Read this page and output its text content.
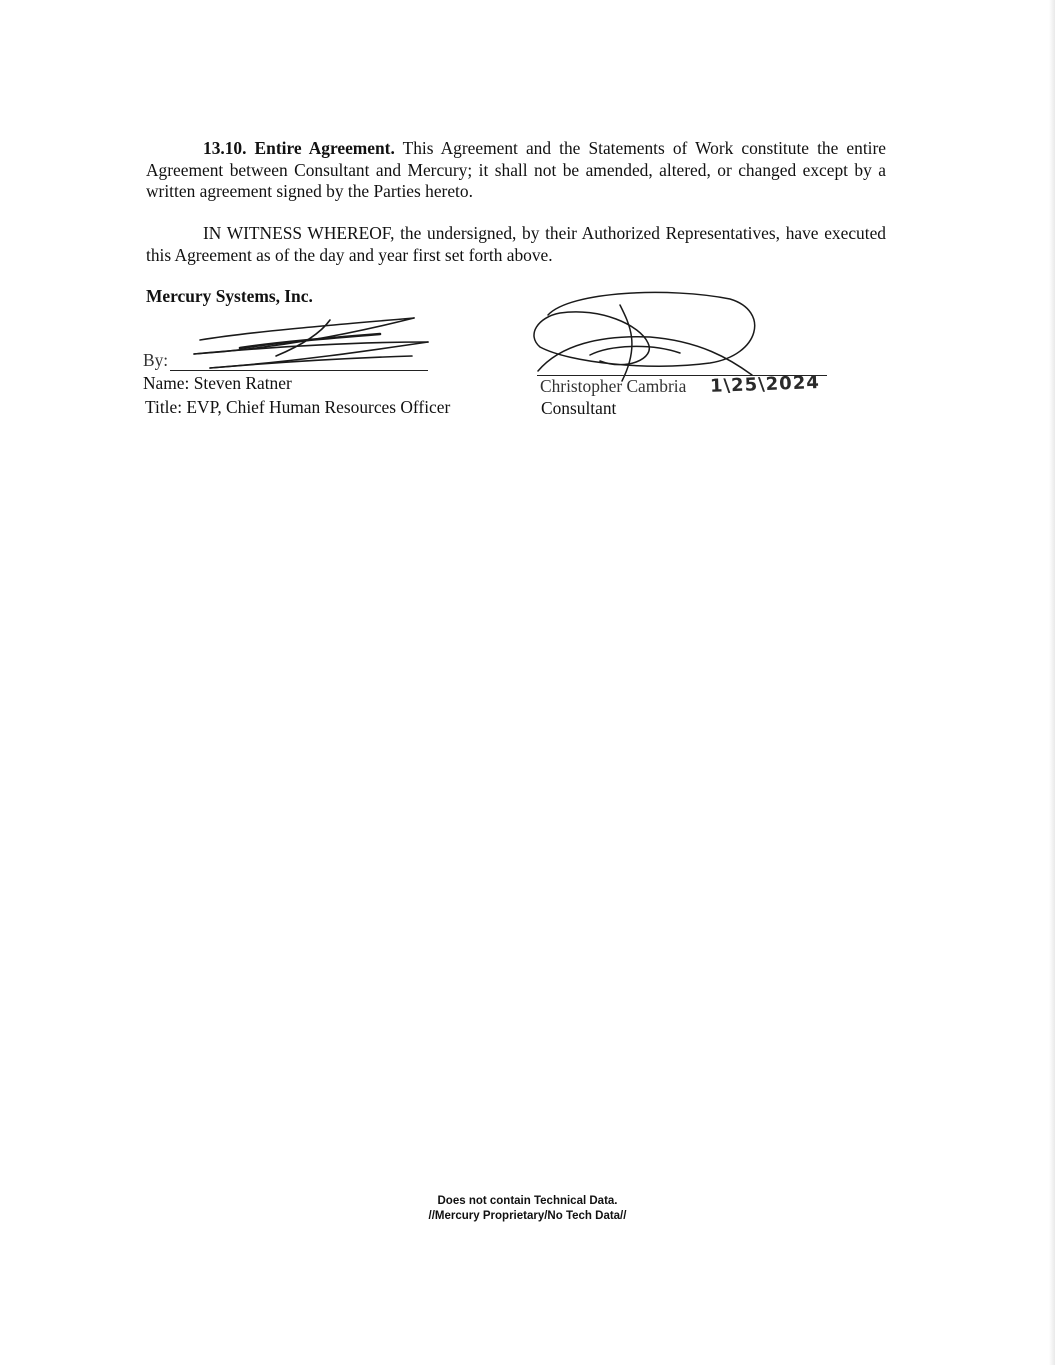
13.10. Entire Agreement. This Agreement and the Statements of Work constitute the entire Agreement between Consultant and Mercury; it shall not be amended, altered, or changed except by a written agreement signed by the Parties hereto.

IN WITNESS WHEREOF, the undersigned, by their Authorized Representatives, have executed this Agreement as of the day and year first set forth above.

Mercury Systems, Inc.
By:
Name: Steven Ratner
Title: EVP, Chief Human Resources Officer
Christopher Cambria 1\25\2024
Consultant
Does not contain Technical Data.
//Mercury Proprietary/No Tech Data//
